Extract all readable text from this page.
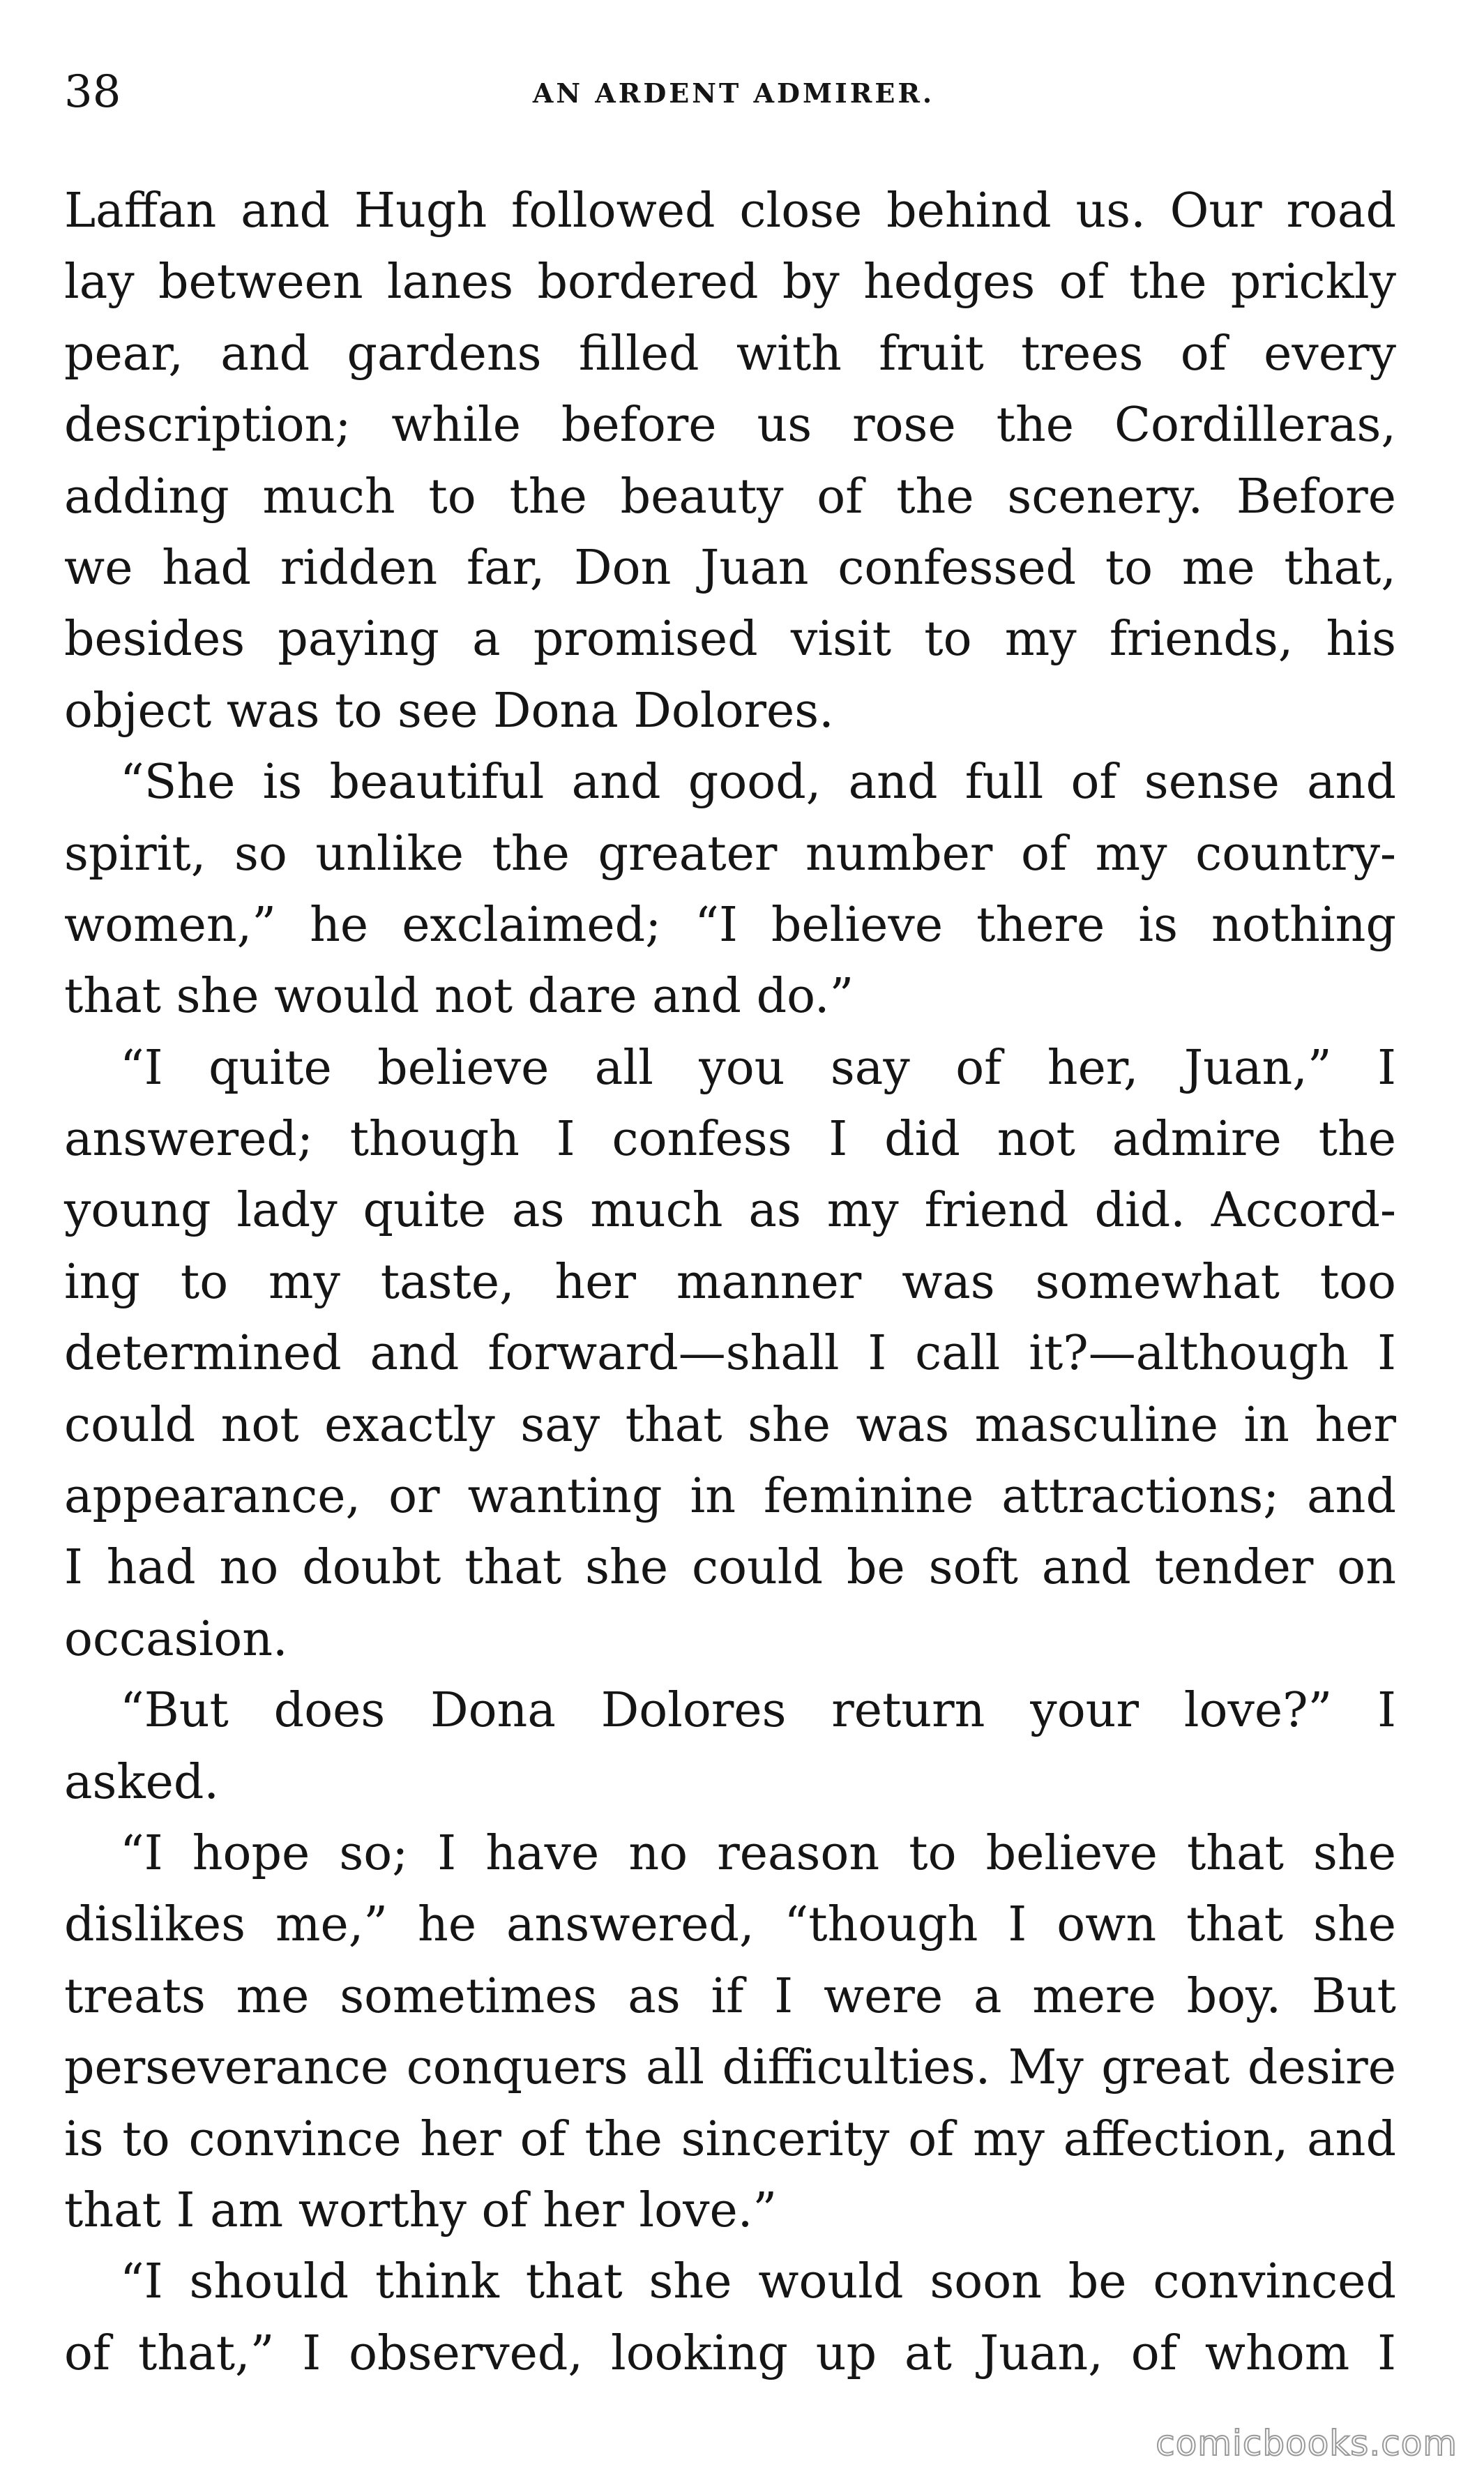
38	AN ARDENT ADMIRER.
Laffan and Hugh followed close behind us. Our road
lay between lanes bordered by hedges of the prickly
pear, and gardens filled with fruit trees of every
description; while before us rose the Cordilleras,
adding much to the beauty of the scenery. Before
we had ridden far, Don Juan confessed to me that,
besides paying a promised visit to my friends, his
object was to see Dona Dolores.
“She is beautiful and good, and full of sense and
spirit, so unlike the greater number of my country-
women,” he exclaimed; “I believe there is nothing
that she would not dare and do.”
“I quite believe all you say of her, Juan,” I
answered; though I confess I did not admire the
young lady quite as much as my friend did. Accord-
ing to my taste, her manner was somewhat too
determined and forward—shall I call it?—although I
could not exactly say that she was masculine in her
appearance, or wanting in feminine attractions; and
I had no doubt that she could be soft and tender on
occasion.
“But does Dona Dolores return your love?” I
asked.
“I hope so; I have no reason to believe that she
dislikes me,” he answered, “though I own that she
treats me sometimes as if I were a mere boy. But
perseverance conquers all difficulties. My great desire
is to convince her of the sincerity of my affection, and
that I am worthy of her love.”
“I should think that she would soon be convinced
of that,” I observed, looking up at Juan, of whom I
comicbooks.com
